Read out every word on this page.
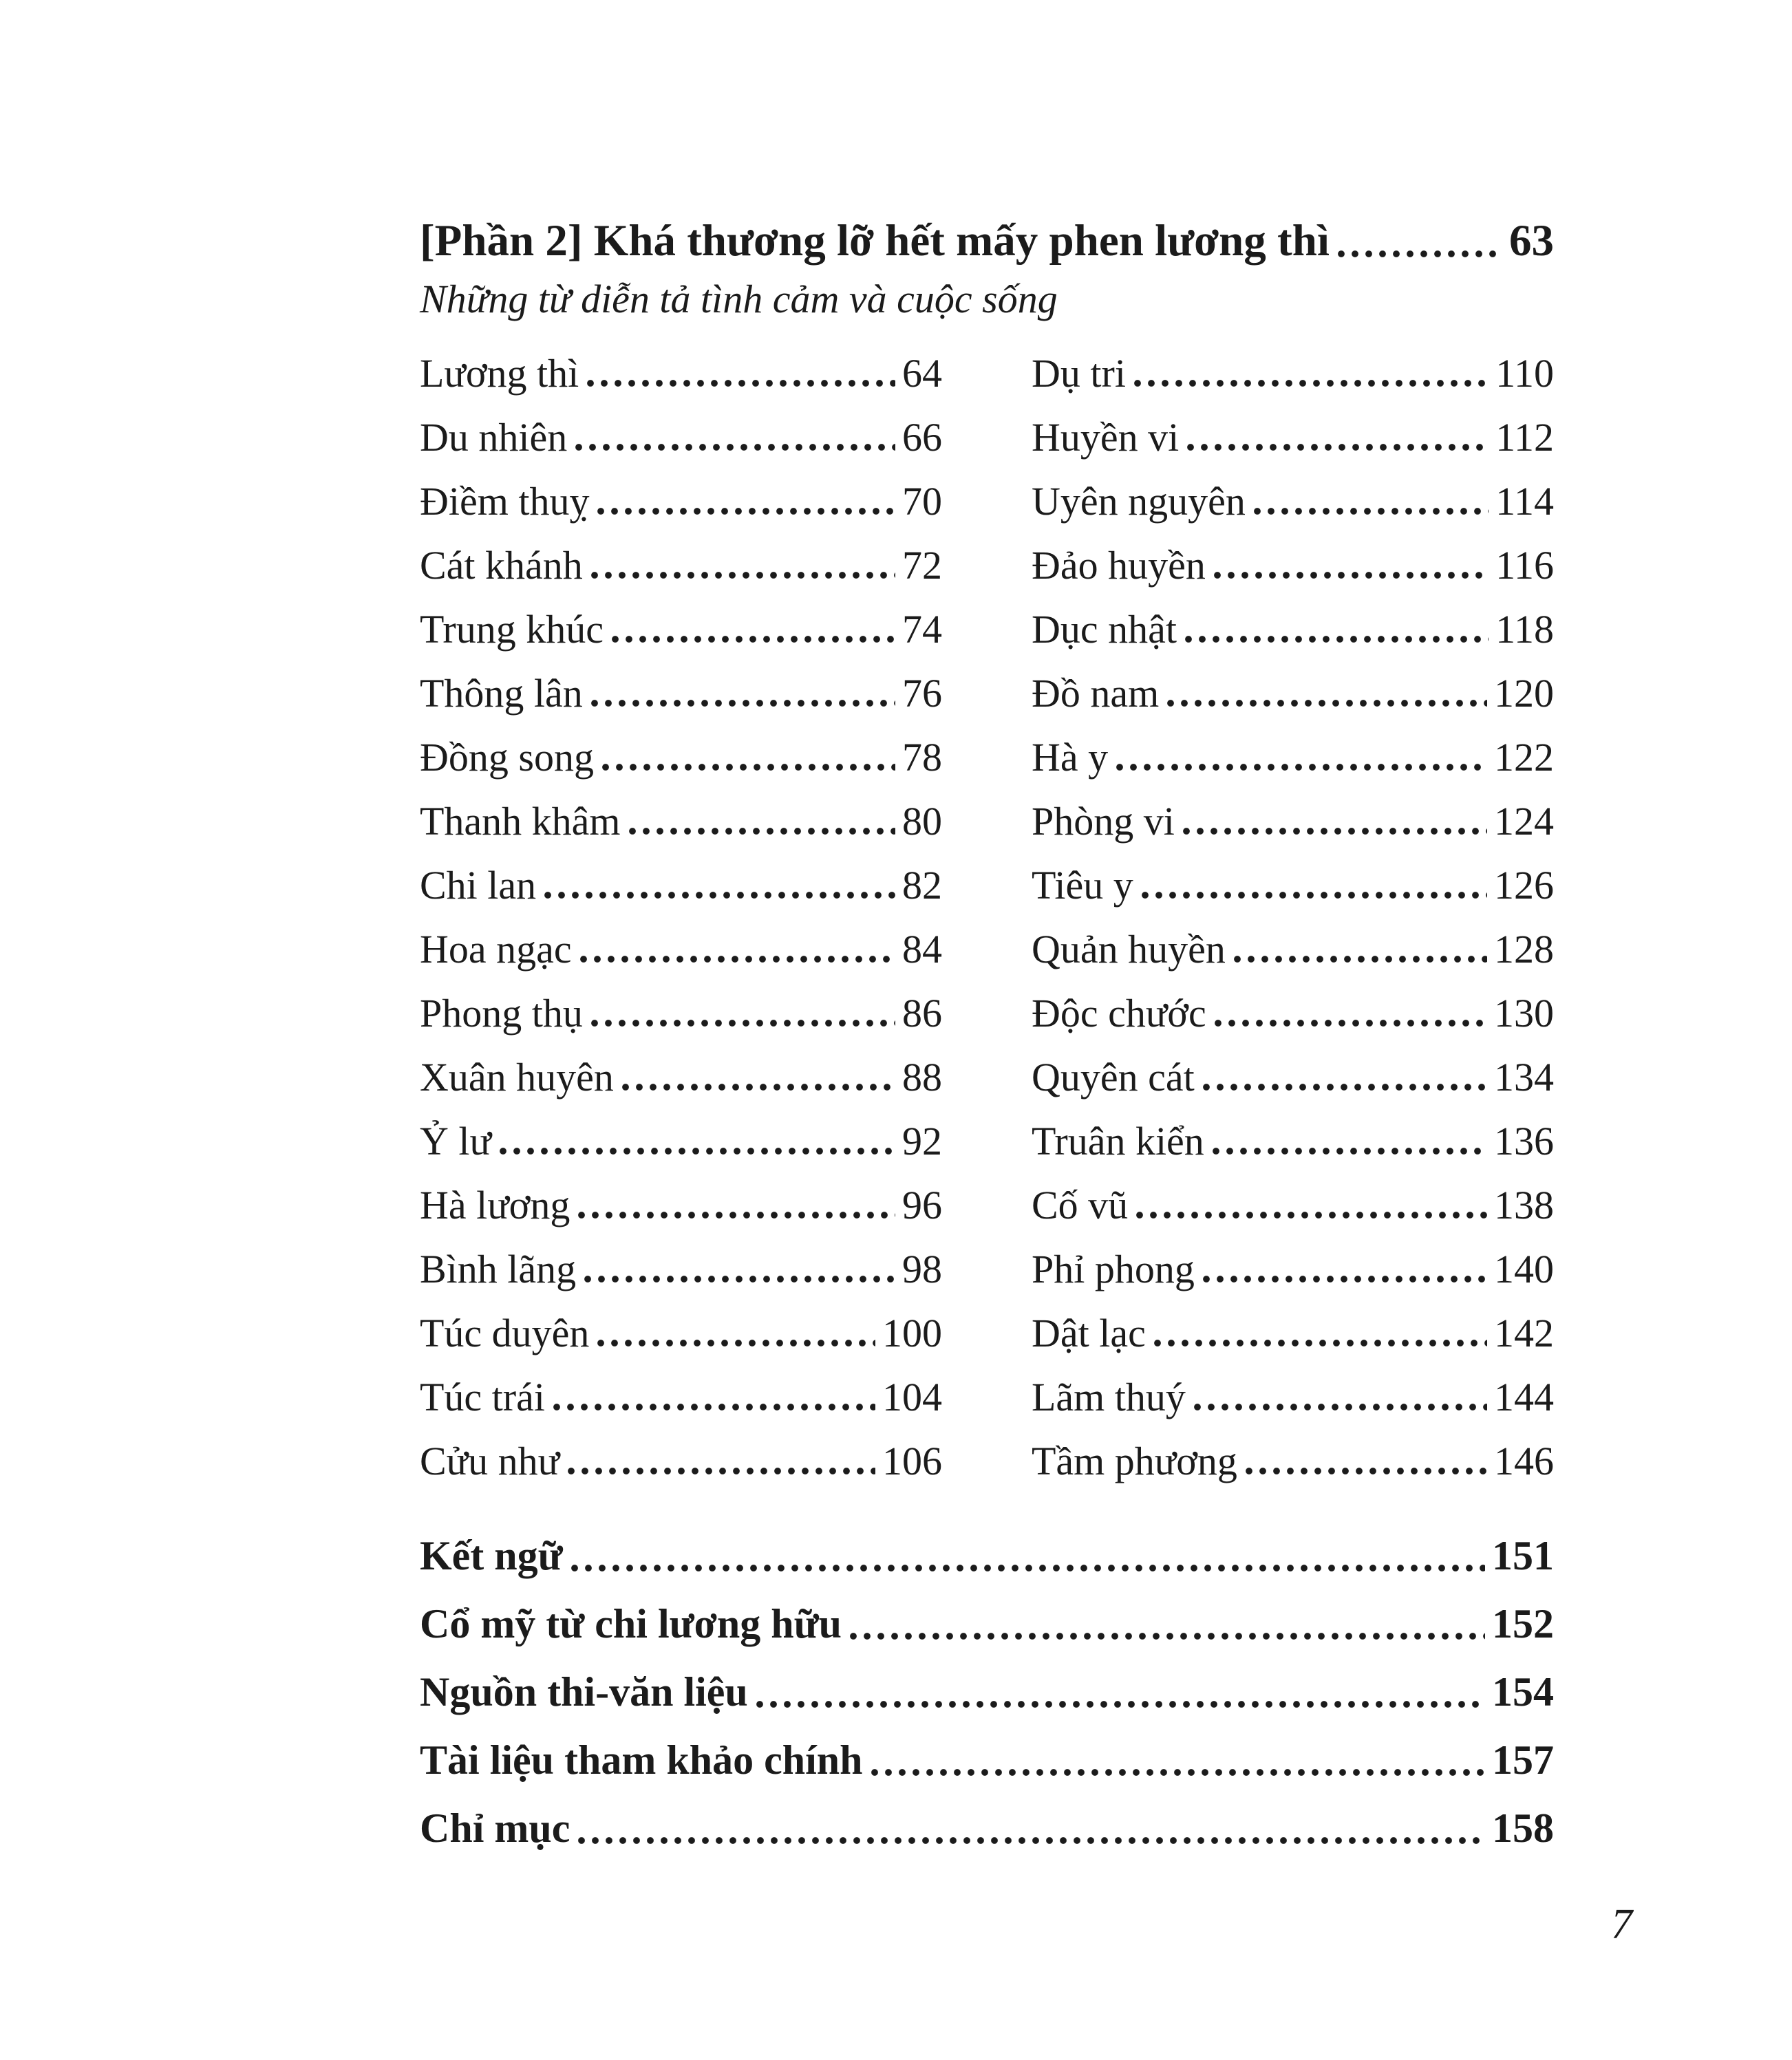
[Phần 2] Khá thương lỡ hết mấy phen lương thì	63
Những từ diễn tả tình cảm và cuộc sống
Lương thì	64
Du nhiên	66
Điềm thuỵ	70
Cát khánh	72
Trung khúc	74
Thông lân	76
Đồng song	78
Thanh khâm	80
Chi lan	82
Hoa ngạc	84
Phong thụ	86
Xuân huyên	88
Ỷ lư	92
Hà lương	96
Bình lãng	98
Túc duyên	100
Túc trái	104
Cửu như	106
Dụ tri	110
Huyền vi	112
Uyên nguyên	114
Đảo huyền	116
Dục nhật	118
Đồ nam	120
Hà y	122
Phòng vi	124
Tiêu y	126
Quản huyền	128
Độc chước	130
Quyên cát	134
Truân kiển	136
Cố vũ	138
Phỉ phong	140
Dật lạc	142
Lãm thuý	144
Tầm phương	146
Kết ngữ	151
Cổ mỹ từ chi lương hữu	152
Nguồn thi-văn liệu	154
Tài liệu tham khảo chính	157
Chỉ mục	158
7
